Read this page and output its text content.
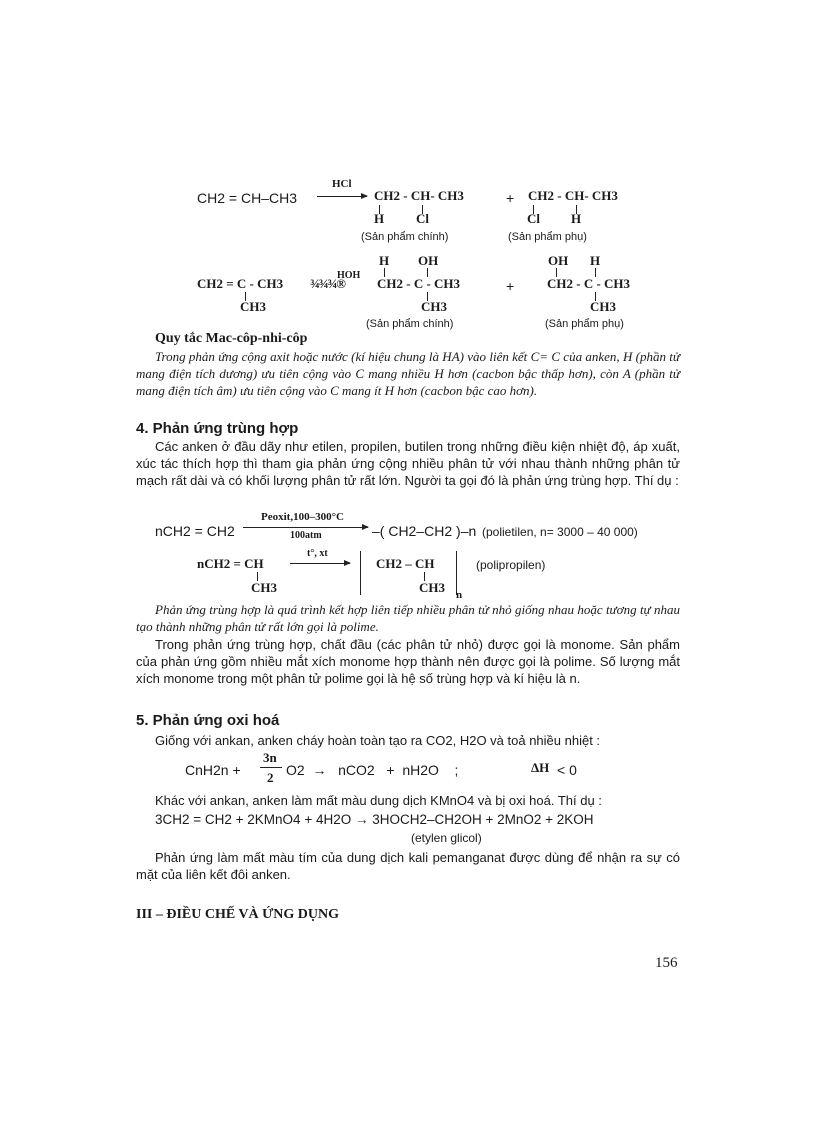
CH2 = CH–CH3
HCl
CH2 - CH- CH3
H Cl
+ CH2 - CH- CH3
Cl H
(Sản phẩm chính)	(Sản phẩm phụ)
H OH	OH H
CH2 = C - CH3
CH3
HOH
¾¾¾® CH2 - C - CH3
CH3
+	CH2 - C - CH3
CH3
(Sản phẩm chính)	(Sản phẩm phụ)
Quy tắc Mac-côp-nhi-côp
Trong phản ứng cộng axit hoặc nước (kí hiệu chung là HA) vào liên kết C= C của anken, H (phần tử mang điện tích dương) ưu tiên cộng vào C mang nhiều H hơn (cacbon bậc thấp hơn), còn A (phần tử mang điện tích âm) ưu tiên cộng vào C mang ít H hơn (cacbon bậc cao hơn).
4. Phản ứng trùng hợp
Các anken ở đầu dãy như etilen, propilen, butilen trong những điều kiện nhiệt độ, áp xuất, xúc tác thích hợp thì tham gia phản ứng cộng nhiều phân tử với nhau thành những phân tử mạch rất dài và có khối lượng phân tử rất lớn. Người ta gọi đó là phản ứng trùng hợp. Thí dụ :
nCH2 = CH2
Peoxit,100–300°C
100atm	–( CH2–CH2 )–n (polietilen, n= 3000 – 40 000)
nCH2 = CH
CH3
t°, xt
CH2 – CH
CH3 n
(polipropilen)
Phản ứng trùng hợp là quá trình kết hợp liên tiếp nhiều phân tử nhỏ giống nhau hoặc tương tự nhau tạo thành những phân tử rất lớn gọi là polime.
Trong phản ứng trùng hợp, chất đầu (các phân tử nhỏ) được gọi là monome. Sản phẩm của phản ứng gồm nhiều mắt xích monome hợp thành nên được gọi là polime. Số lượng mắt xích monome trong một phân tử polime gọi là hệ số trùng hợp và kí hiệu là n.
5. Phản ứng oxi hoá
Giống với ankan, anken cháy hoàn toàn tạo ra CO2, H2O và toả nhiều nhiệt :
CnH2n +
3n
2 O2  →   nCO2   +  nH2O    ;	ΔH < 0
Khác với ankan, anken làm mất màu dung dịch KMnO4 và bị oxi hoá. Thí dụ :
3CH2 = CH2 + 2KMnO4 + 4H2O → 3HOCH2–CH2OH + 2MnO2 + 2KOH
(etylen glicol)
Phản ứng làm mất màu tím của dung dịch kali pemanganat được dùng để nhận ra sự có mặt của liên kết đôi anken.
III – ĐIỀU CHẾ VÀ ỨNG DỤNG
156
